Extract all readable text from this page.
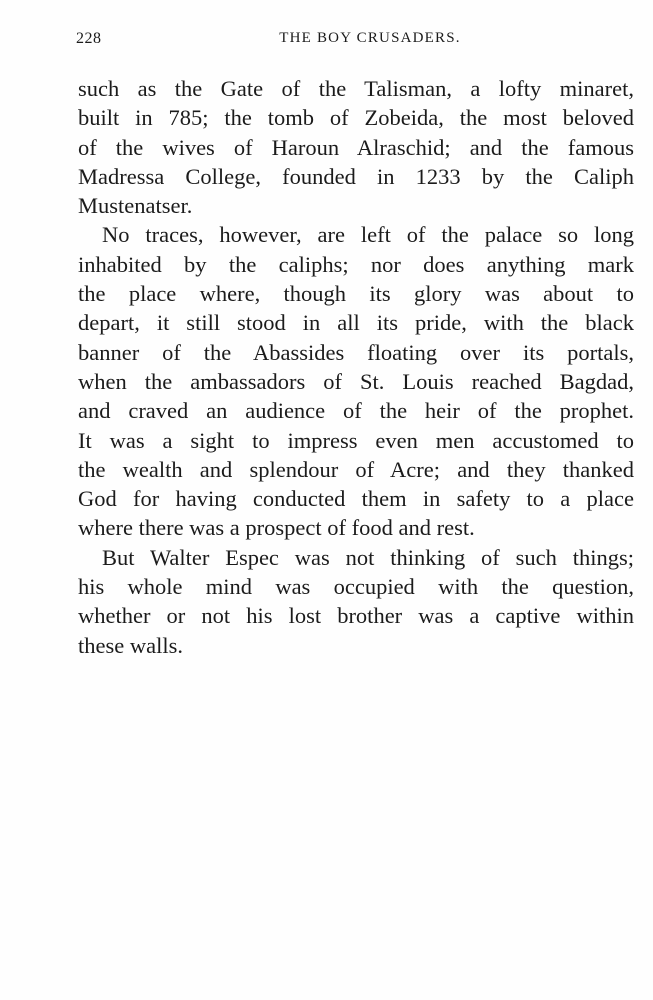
228	THE BOY CRUSADERS.
such as the Gate of the Talisman, a lofty minaret,
built in 785; the tomb of Zobeida, the most beloved
of the wives of Haroun Alraschid; and the famous
Madressa College, founded in 1233 by the Caliph
Mustenatser.
No traces, however, are left of the palace so long
inhabited by the caliphs; nor does anything mark
the place where, though its glory was about to
depart, it still stood in all its pride, with the black
banner of the Abassides floating over its portals,
when the ambassadors of St. Louis reached Bagdad,
and craved an audience of the heir of the prophet.
It was a sight to impress even men accustomed to
the wealth and splendour of Acre; and they thanked
God for having conducted them in safety to a place
where there was a prospect of food and rest.
But Walter Espec was not thinking of such things;
his whole mind was occupied with the question,
whether or not his lost brother was a captive within
these walls.
